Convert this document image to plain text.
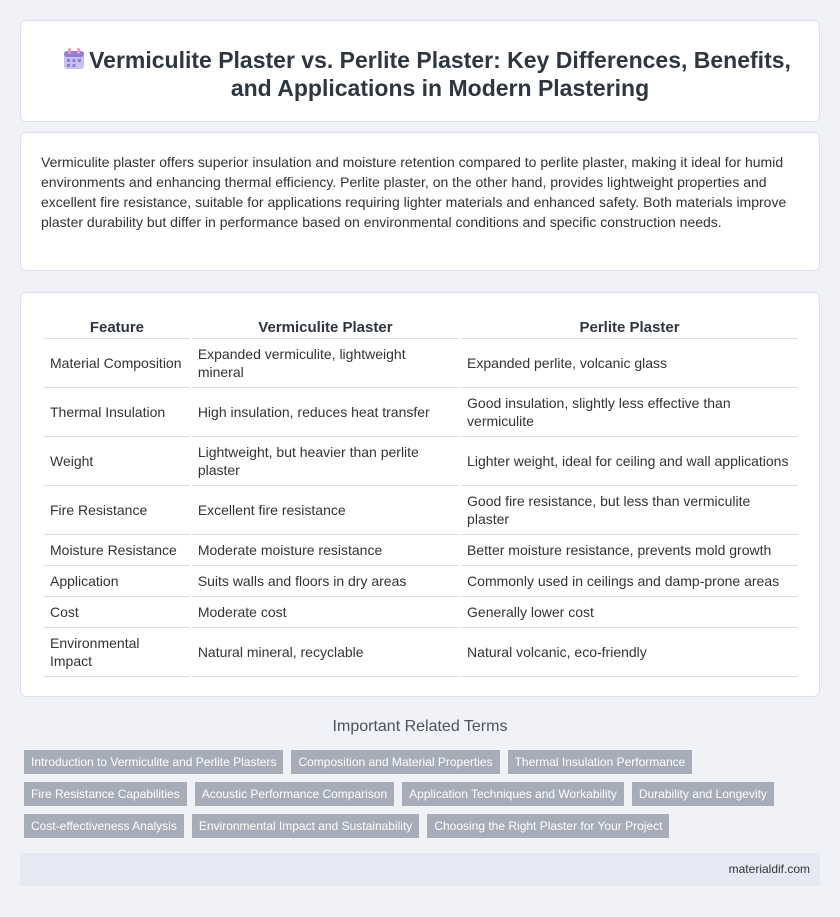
Vermiculite Plaster vs. Perlite Plaster: Key Differences, Benefits, and Applications in Modern Plastering

Vermiculite plaster offers superior insulation and moisture retention compared to perlite plaster, making it ideal for humid environments and enhancing thermal efficiency. Perlite plaster, on the other hand, provides lightweight properties and excellent fire resistance, suitable for applications requiring lighter materials and enhanced safety. Both materials improve plaster durability but differ in performance based on environmental conditions and specific construction needs.

Feature	Vermiculite Plaster	Perlite Plaster
Material Composition	Expanded vermiculite, lightweight mineral	Expanded perlite, volcanic glass
Thermal Insulation	High insulation, reduces heat transfer	Good insulation, slightly less effective than vermiculite
Weight	Lightweight, but heavier than perlite plaster	Lighter weight, ideal for ceiling and wall applications
Fire Resistance	Excellent fire resistance	Good fire resistance, but less than vermiculite plaster
Moisture Resistance	Moderate moisture resistance	Better moisture resistance, prevents mold growth
Application	Suits walls and floors in dry areas	Commonly used in ceilings and damp-prone areas
Cost	Moderate cost	Generally lower cost
Environmental Impact	Natural mineral, recyclable	Natural volcanic, eco-friendly
Important Related Terms
Introduction to Vermiculite and Perlite Plasters	Composition and Material Properties	Thermal Insulation Performance
Fire Resistance Capabilities	Acoustic Performance Comparison	Application Techniques and Workability	Durability and Longevity
Cost-effectiveness Analysis	Environmental Impact and Sustainability	Choosing the Right Plaster for Your Project
materialdif.com
